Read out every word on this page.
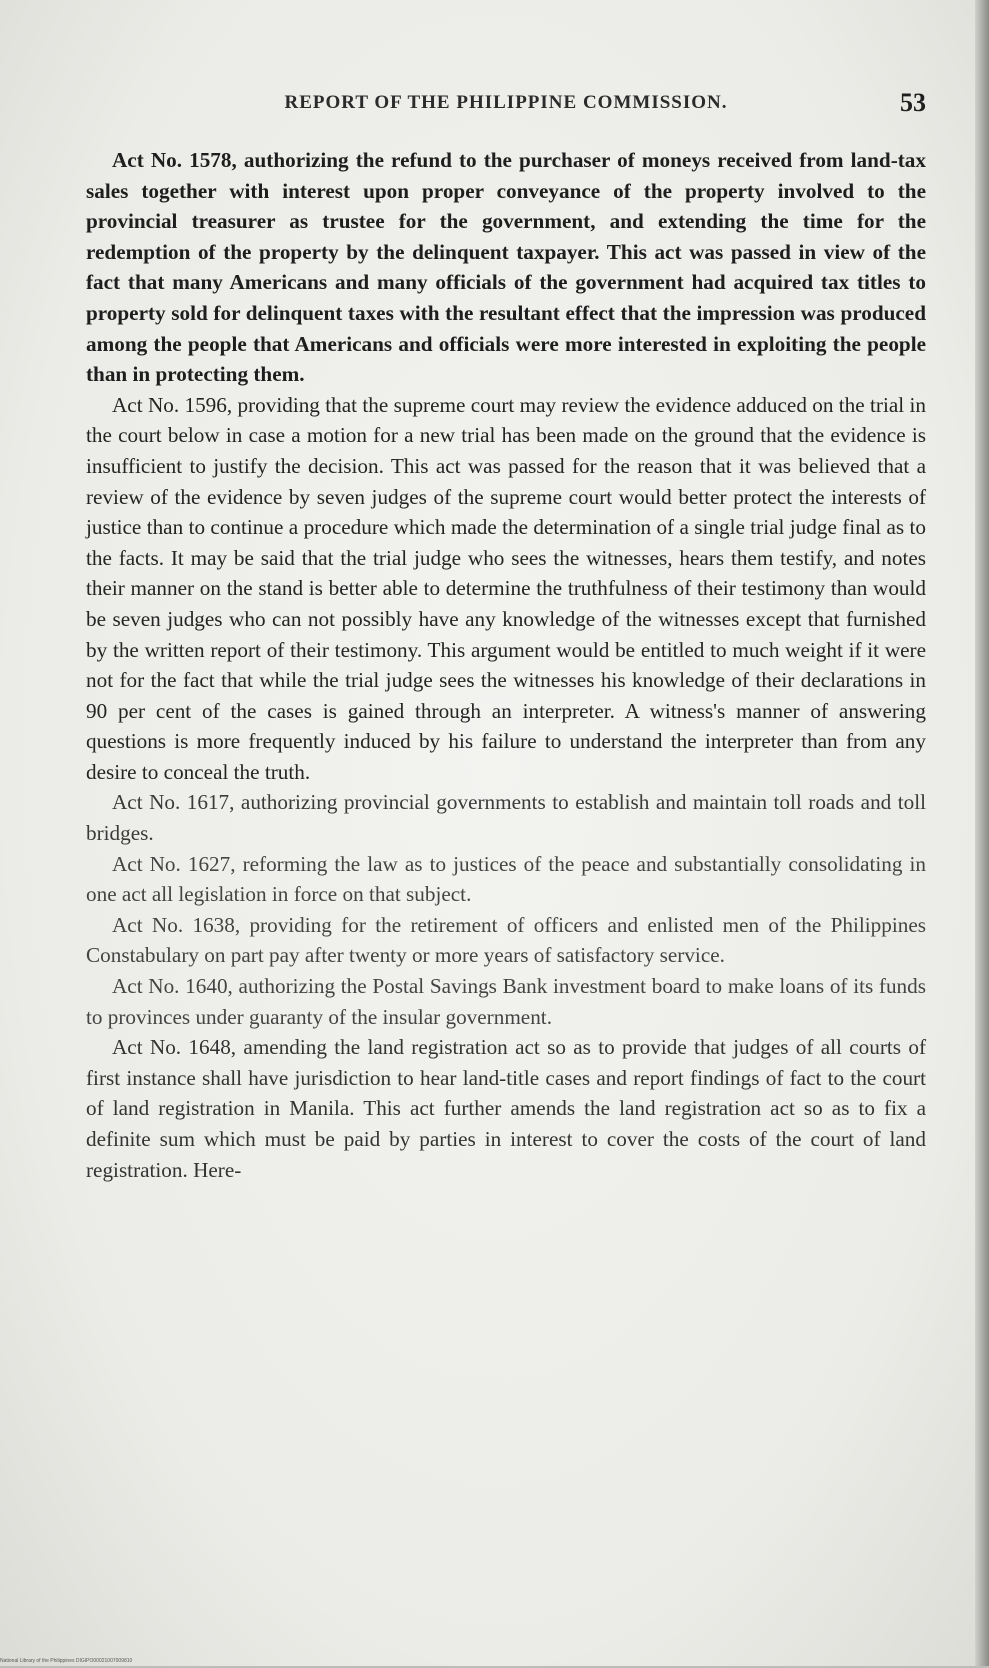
REPORT OF THE PHILIPPINE COMMISSION.	53

Act No. 1578, authorizing the refund to the purchaser of moneys received from land-tax sales together with interest upon proper conveyance of the property involved to the provincial treasurer as trustee for the government, and extending the time for the redemption of the property by the delinquent taxpayer. This act was passed in view of the fact that many Americans and many officials of the government had acquired tax titles to property sold for delinquent taxes with the resultant effect that the impression was produced among the people that Americans and officials were more interested in exploiting the people than in protecting them.

Act No. 1596, providing that the supreme court may review the evidence adduced on the trial in the court below in case a motion for a new trial has been made on the ground that the evidence is insufficient to justify the decision. This act was passed for the reason that it was believed that a review of the evidence by seven judges of the supreme court would better protect the interests of justice than to continue a procedure which made the determination of a single trial judge final as to the facts. It may be said that the trial judge who sees the witnesses, hears them testify, and notes their manner on the stand is better able to determine the truthfulness of their testimony than would be seven judges who can not possibly have any knowledge of the witnesses except that furnished by the written report of their testimony. This argument would be entitled to much weight if it were not for the fact that while the trial judge sees the witnesses his knowledge of their declarations in 90 per cent of the cases is gained through an interpreter. A witness's manner of answering questions is more frequently induced by his failure to understand the interpreter than from any desire to conceal the truth.

Act No. 1617, authorizing provincial governments to establish and maintain toll roads and toll bridges.

Act No. 1627, reforming the law as to justices of the peace and substantially consolidating in one act all legislation in force on that subject.

Act No. 1638, providing for the retirement of officers and enlisted men of the Philippines Constabulary on part pay after twenty or more years of satisfactory service.

Act No. 1640, authorizing the Postal Savings Bank investment board to make loans of its funds to provinces under guaranty of the insular government.

Act No. 1648, amending the land registration act so as to provide that judges of all courts of first instance shall have jurisdiction to hear land-title cases and report findings of fact to the court of land registration in Manila. This act further amends the land registration act so as to fix a definite sum which must be paid by parties in interest to cover the costs of the court of land registration. Here-

National Library of the Philippines DIGIPO00021007009810
